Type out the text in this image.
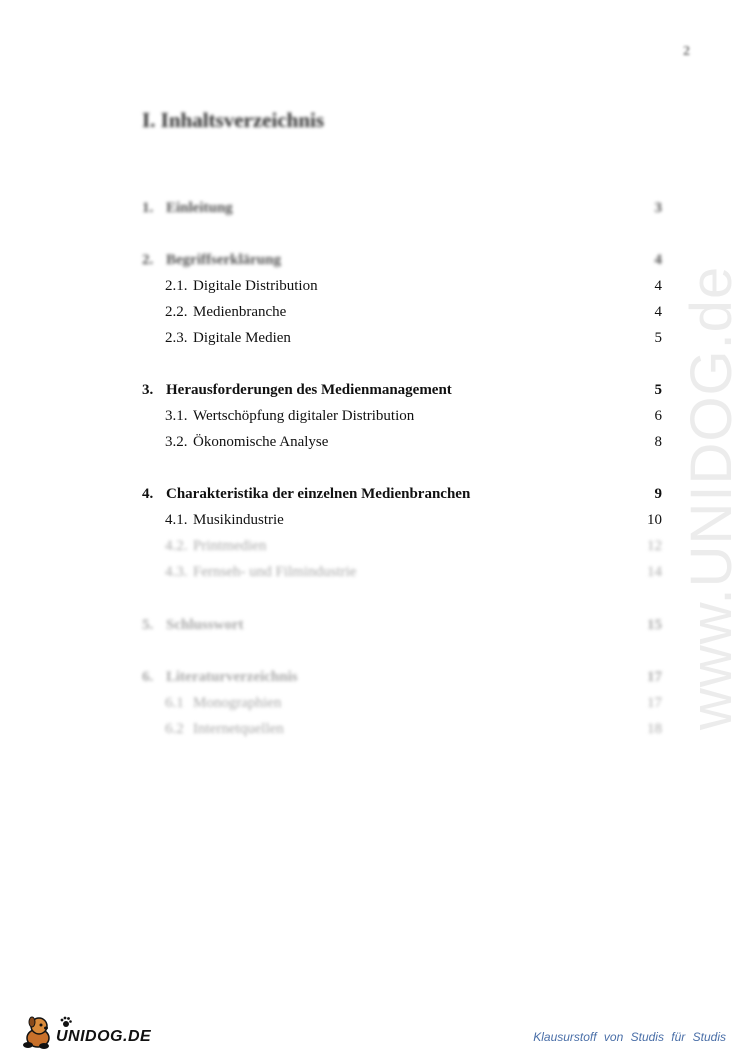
2
I. Inhaltsverzeichnis
1. Einleitung	3
2. Begriffserklärung	4
2.1. Digitale Distribution	4
2.2. Medienbranche	4
2.3. Digitale Medien	5
3. Herausforderungen des Medienmanagement	5
3.1. Wertschöpfung digitaler Distribution	6
3.2. Ökonomische Analyse	8
4. Charakteristika der einzelnen Medienbranchen	9
4.1. Musikindustrie	10
4.2. Printmedien	12
4.3. Fernseh- und Filmindustrie	14
5. Schlusswort	15
6. Literaturverzeichnis	17
6.1 Monographien	17
6.2 Internetquellen	18 www.UNIDOG.de
UNIDOG.DE	Klausurstoff von Studis für Studis
